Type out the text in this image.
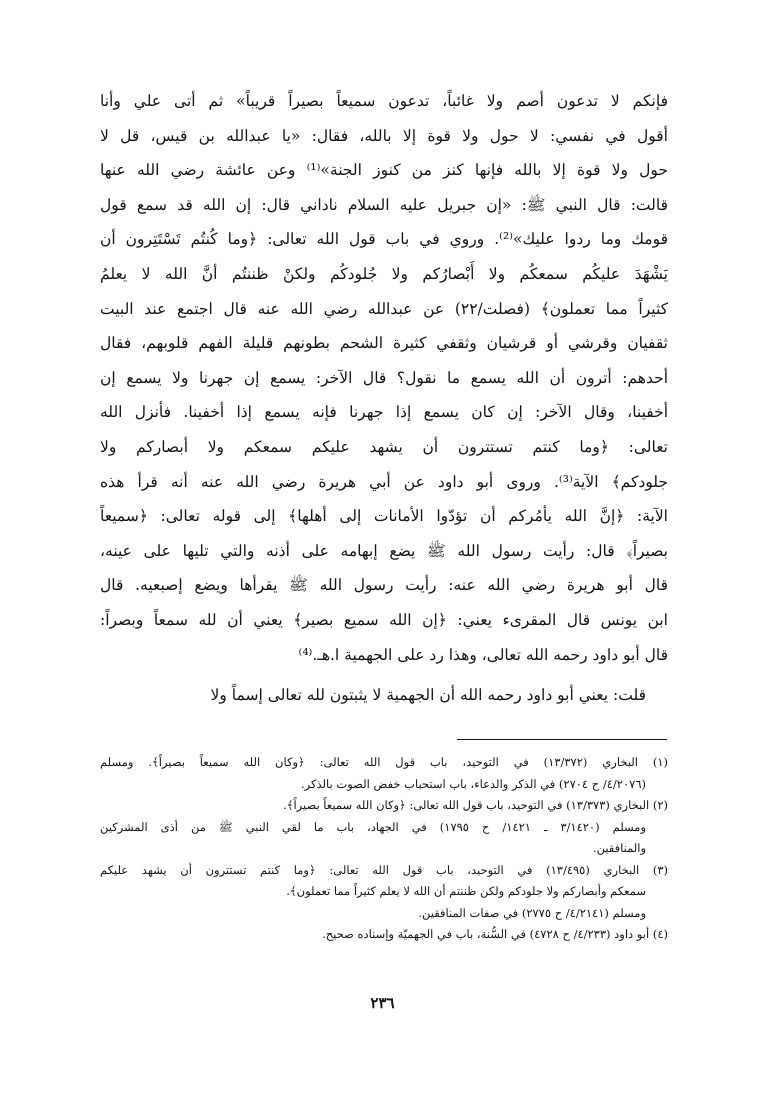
فإنكم لا تدعون أصم ولا غائباً، تدعون سميعاً بصيراً قريباً» ثم أتى علي وأنا
أقول في نفسي: لا حول ولا قوة إلا بالله، فقال: «يا عبدالله بن قيس، قل لا
حول ولا قوة إلا بالله فإنها كنز من كنوز الجنة»⁽¹⁾ وعن عائشة رضي الله عنها
قالت: قال النبي ﷺ: «إن جبريل عليه السلام ناداني قال: إن الله قد سمع قول
قومك وما ردوا عليك»⁽²⁾. وروي في باب قول الله تعالى: ﴿وما كُنتُم تَسْتَتِرون أن
يَشْهَدَ عليكُم سمعكُم ولا أَبْصارُكم ولا جُلودكُم ولكنْ ظننتُم أنَّ الله لا يعلمُ
كثيراً مما تعملون﴾ (فصلت/٢٢) عن عبدالله رضي الله عنه قال اجتمع عند البيت
ثقفيان وقرشي أو قرشيان وثقفي كثيرة الشحم بطونهم قليلة الفهم قلوبهم، فقال
أحدهم: أترون أن الله يسمع ما نقول؟ قال الآخر: يسمع إن جهرنا ولا يسمع إن
أخفينا، وقال الآخر: إن كان يسمع إذا جهرنا فإنه يسمع إذا أخفينا. فأنزل الله
تعالى: ﴿وما كنتم تستترون أن يشهد عليكم سمعكم ولا أبصاركم ولا
جلودكم﴾ الآية⁽³⁾. وروى أبو داود عن أبي هريرة رضي الله عنه أنه قرأ هذه
الآية: ﴿إنَّ الله يأمُركم أن تؤدّوا الأمانات إلى أهلها﴾ إلى قوله تعالى: ﴿سميعاً
بصيراً﴾ قال: رأيت رسول الله ﷺ يضع إبهامه على أذنه والتي تليها على عينه،
قال أبو هريرة رضي الله عنه: رأيت رسول الله ﷺ يقرأها ويضع إصبعيه. قال
ابن يونس قال المقرىء يعني: ﴿إن الله سميع بصير﴾ يعني أن لله سمعاً وبصراً:
قال أبو داود رحمه الله تعالى، وهذا رد على الجهمية ا.هـ.⁽⁴⁾
قلت: يعني أبو داود رحمه الله أن الجهمية لا يثبتون لله تعالى إسماً ولا
(١) البخاري (١٣/٣٧٢) في التوحيد، باب قول الله تعالى: ﴿وكان الله سميعاً بصيراً﴾. ومسلم
(٤/٢٠٧٦/ ح ٢٧٠٤) في الذكر والدعاء، باب استحباب خفض الصوت بالذكر.
(٢) البخاري (١٣/٣٧٣) في التوحيد، باب قول الله تعالى: ﴿وكان الله سميعاً بصيراً﴾.
ومسلم (٣/١٤٢٠ ـ ١٤٢١/ ح ١٧٩٥) في الجهاد، باب ما لقي النبي ﷺ من أذى المشركين
والمنافقين.
(٣) البخاري (١٣/٤٩٥) في التوحيد، باب قول الله تعالى: ﴿وما كنتم تستترون أن يشهد عليكم
سمعكم وأبصاركم ولا جلودكم ولكن ظننتم أن الله لا يعلم كثيراً مما تعملون﴾.
ومسلم (٤/٢١٤١/ ح ٢٧٧٥) في صفات المنافقين.
(٤) أبو داود (٤/٢٣٣/ ح ٤٧٢٨) في السُّنة، باب في الجهميّة وإسناده صحيح.
٢٣٦
